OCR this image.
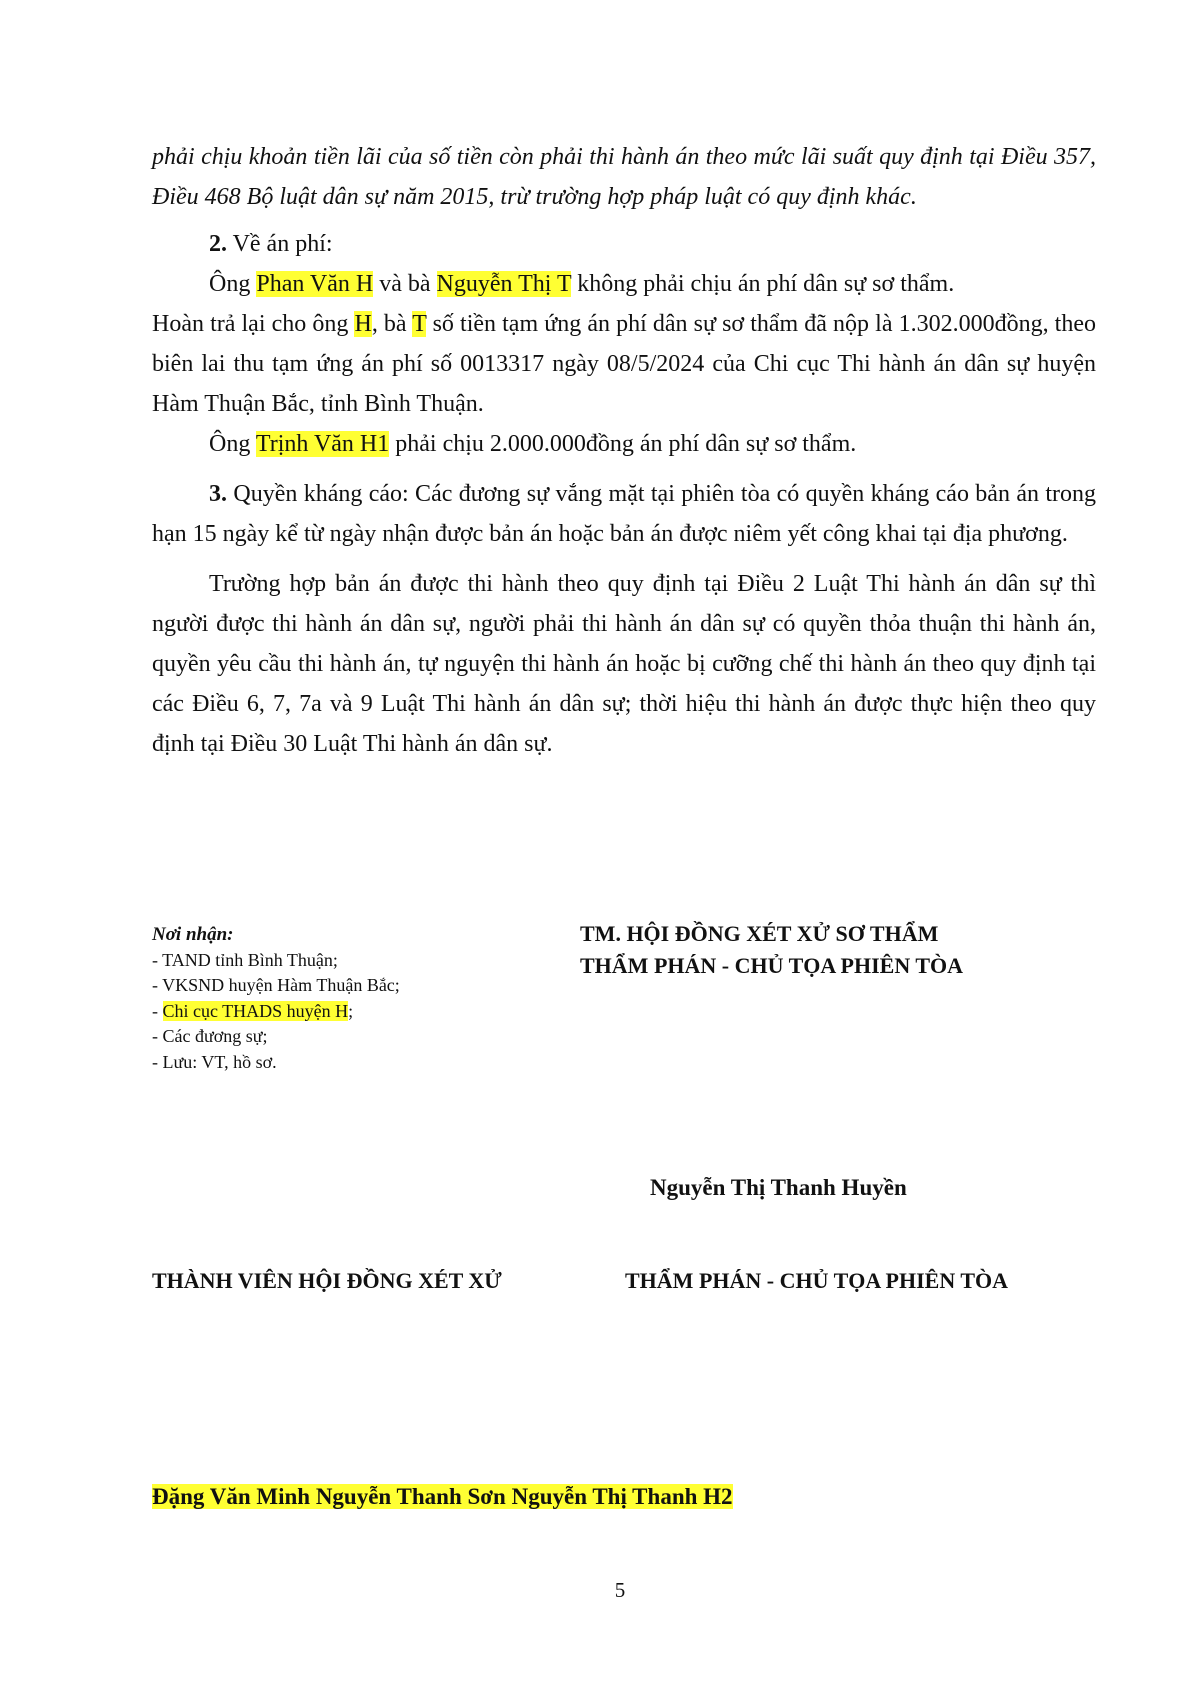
phải chịu khoản tiền lãi của số tiền còn phải thi hành án theo mức lãi suất quy định tại Điều 357, Điều 468 Bộ luật dân sự năm 2015, trừ trường hợp pháp luật có quy định khác.

2. Về án phí:

Ông Phan Văn H và bà Nguyễn Thị T không phải chịu án phí dân sự sơ thẩm.

Hoàn trả lại cho ông H, bà T số tiền tạm ứng án phí dân sự sơ thẩm đã nộp là 1.302.000đồng, theo biên lai thu tạm ứng án phí số 0013317 ngày 08/5/2024 của Chi cục Thi hành án dân sự huyện Hàm Thuận Bắc, tỉnh Bình Thuận.

Ông Trịnh Văn H1 phải chịu 2.000.000đồng án phí dân sự sơ thẩm.

3. Quyền kháng cáo: Các đương sự vắng mặt tại phiên tòa có quyền kháng cáo bản án trong hạn 15 ngày kể từ ngày nhận được bản án hoặc bản án được niêm yết công khai tại địa phương.

Trường hợp bản án được thi hành theo quy định tại Điều 2 Luật Thi hành án dân sự thì người được thi hành án dân sự, người phải thi hành án dân sự có quyền thỏa thuận thi hành án, quyền yêu cầu thi hành án, tự nguyện thi hành án hoặc bị cưỡng chế thi hành án theo quy định tại các Điều 6, 7, 7a và 9 Luật Thi hành án dân sự; thời hiệu thi hành án được thực hiện theo quy định tại Điều 30 Luật Thi hành án dân sự.

Nơi nhận:
- TAND tỉnh Bình Thuận;
- VKSND huyện Hàm Thuận Bắc;
- Chi cục THADS huyện H;
- Các đương sự;
- Lưu: VT, hồ sơ.
TM. HỘI ĐỒNG XÉT XỬ SƠ THẨM
THẨM PHÁN - CHỦ TỌA PHIÊN TÒA
Nguyễn Thị Thanh Huyền
THÀNH VIÊN HỘI ĐỒNG XÉT XỬ	THẨM PHÁN - CHỦ TỌA PHIÊN TÒA
Đặng Văn Minh Nguyễn Thanh Sơn Nguyễn Thị Thanh H2
5
